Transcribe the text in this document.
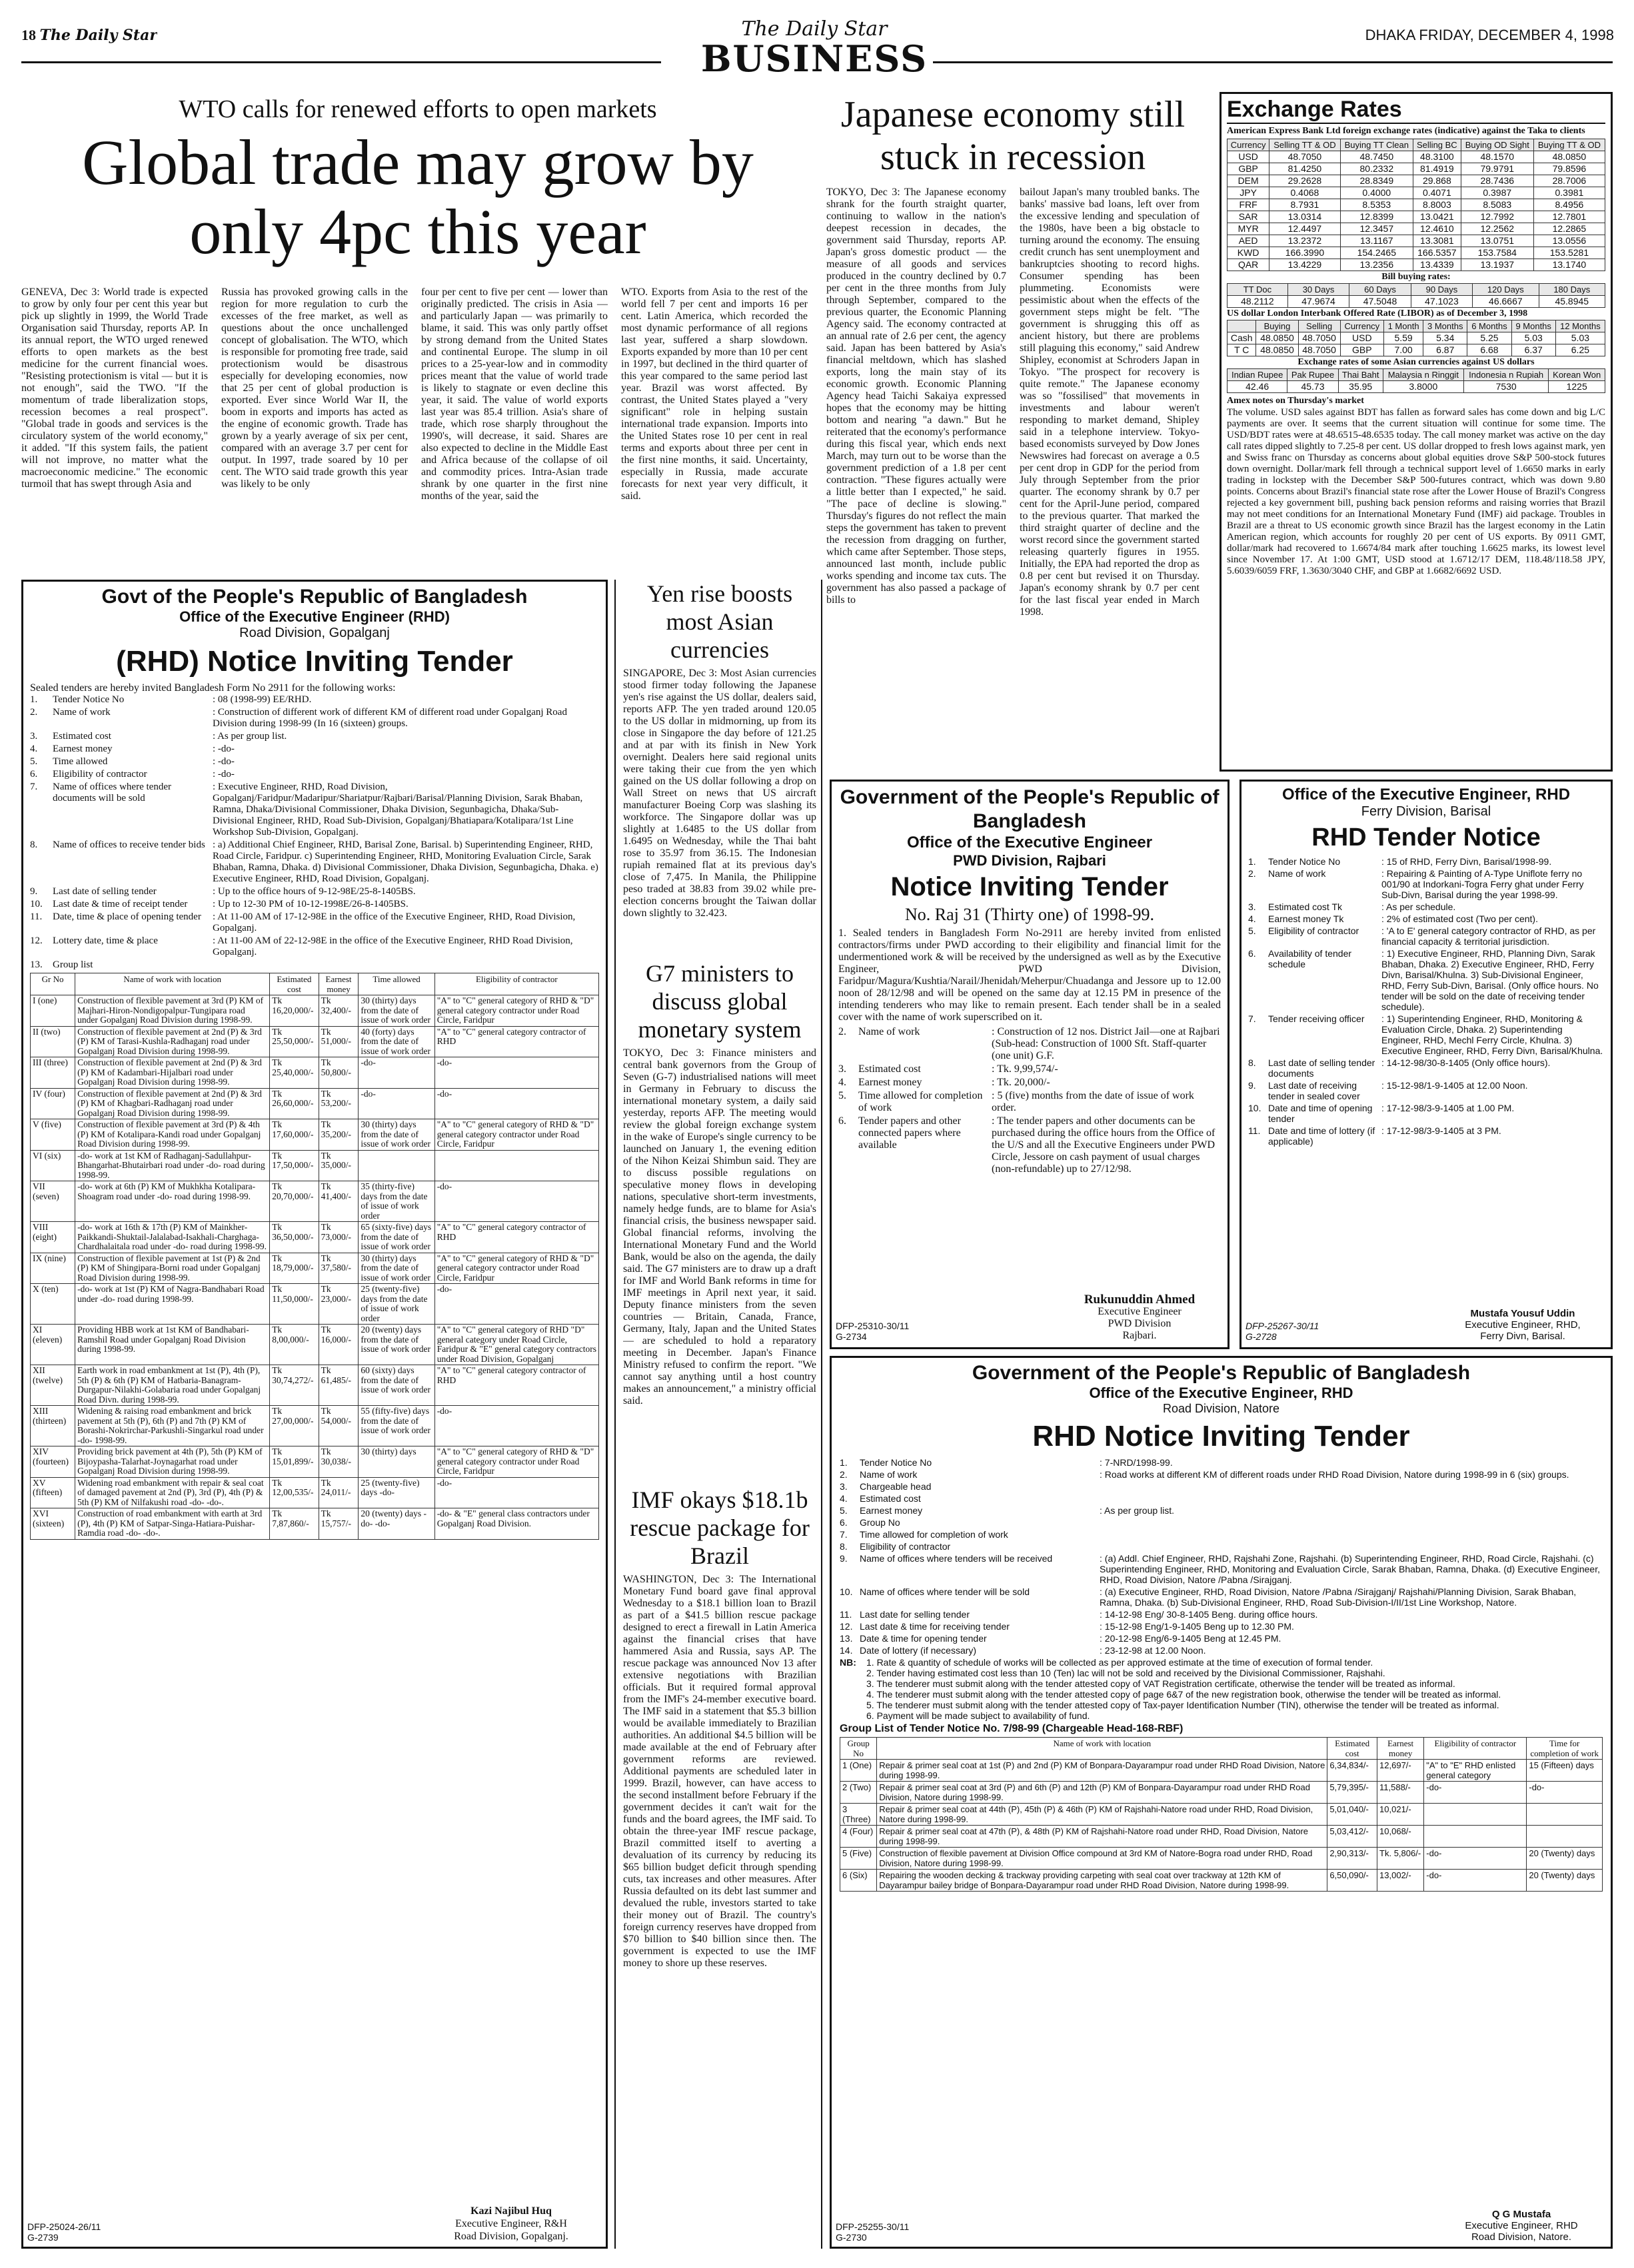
18 The Daily Star	The Daily Star
BUSINESS
DHAKA FRIDAY, DECEMBER 4, 1998
WTO calls for renewed efforts to open markets
Global trade may grow by only 4pc this year
GENEVA, Dec 3: World trade is expected to grow by only four per cent this year but pick up slightly in 1999, the World Trade Organisation said Thursday, reports AP. In its annual report, the WTO urged renewed efforts to open markets as the best medicine for the current financial woes. "Resisting protectionism is vital — but it is not enough", said the TWO. "If the momentum of trade liberalization stops, recession becomes a real prospect". "Global trade in goods and services is the circulatory system of the world economy," it added. "If this system fails, the patient will not improve, no matter what the macroeconomic medicine." The economic turmoil that has swept through Asia and
Russia has provoked growing calls in the region for more regulation to curb the excesses of the free market, as well as questions about the once unchallenged concept of globalisation. The WTO, which is responsible for promoting free trade, said protectionism would be disastrous especially for developing economies, now that 25 per cent of global production is exported. Ever since World War II, the boom in exports and imports has acted as the engine of economic growth. Trade has grown by a yearly average of six per cent, compared with an average 3.7 per cent for output. In 1997, trade soared by 10 per cent. The WTO said trade growth this year was likely to be only
four per cent to five per cent — lower than originally predicted. The crisis in Asia — and particularly Japan — was primarily to blame, it said. This was only partly offset by strong demand from the United States and continental Europe. The slump in oil prices to a 25-year-low and in commodity prices meant that the value of world trade is likely to stagnate or even decline this year, it said. The value of world exports last year was 85.4 trillion. Asia's share of trade, which rose sharply throughout the 1990's, will decrease, it said. Shares are also expected to decline in the Middle East and Africa because of the collapse of oil and commodity prices. Intra-Asian trade shrank by one quarter in the first nine months of the year, said the
WTO. Exports from Asia to the rest of the world fell 7 per cent and imports 16 per cent. Latin America, which recorded the most dynamic performance of all regions last year, suffered a sharp slowdown. Exports expanded by more than 10 per cent in 1997, but declined in the third quarter of this year compared to the same period last year. Brazil was worst affected. By contrast, the United States played a "very significant" role in helping sustain international trade expansion. Imports into the United States rose 10 per cent in real terms and exports about three per cent in the first nine months, it said. Uncertainty, especially in Russia, made accurate forecasts for next year very difficult, it said.
Japanese economy still stuck in recession
TOKYO, Dec 3: The Japanese economy shrank for the fourth straight quarter, continuing to wallow in the nation's deepest recession in decades, the government said Thursday, reports AP. Japan's gross domestic product — the measure of all goods and services produced in the country declined by 0.7 per cent in the three months from July through September, compared to the previous quarter, the Economic Planning Agency said. The economy contracted at an annual rate of 2.6 per cent, the agency said. Japan has been battered by Asia's financial meltdown, which has slashed exports, long the main stay of its economic growth. Economic Planning Agency head Taichi Sakaiya expressed hopes that the economy may be hitting bottom and nearing "a dawn." But he reiterated that the economy's performance during this fiscal year, which ends next March, may turn out to be worse than the government prediction of a 1.8 per cent contraction. "These figures actually were a little better than I expected," he said. "The pace of decline is slowing." Thursday's figures do not reflect the main steps the government has taken to prevent the recession from dragging on further, which came after September. Those steps, announced last month, include public works spending and income tax cuts. The government has also passed a package of bills to
bailout Japan's many troubled banks. The banks' massive bad loans, left over from the excessive lending and speculation of the 1980s, have been a big obstacle to turning around the economy. The ensuing credit crunch has sent unemployment and bankruptcies shooting to record highs. Consumer spending has been plummeting. Economists were pessimistic about when the effects of the government steps might be felt. "The government is shrugging this off as ancient history, but there are problems still plaguing this economy," said Andrew Shipley, economist at Schroders Japan in Tokyo. "The prospect for recovery is quite remote." The Japanese economy was so "fossilised" that movements in investments and labour weren't responding to market demand, Shipley said in a telephone interview. Tokyo-based economists surveyed by Dow Jones Newswires had forecast on average a 0.5 per cent drop in GDP for the period from July through September from the prior quarter. The economy shrank by 0.7 per cent for the April-June period, compared to the previous quarter. That marked the third straight quarter of decline and the worst record since the government started releasing quarterly figures in 1955. Initially, the EPA had reported the drop as 0.8 per cent but revised it on Thursday. Japan's economy shrank by 0.7 per cent for the last fiscal year ended in March 1998.
Exchange Rates
American Express Bank Ltd foreign exchange rates (indicative) against the Taka to clients
Currency	Selling TT & OD	Buying TT Clean	Selling BC	Buying OD Sight	Buying TT & OD
USD	48.7050	48.7450	48.3100	48.1570	48.0850
GBP	81.4250	80.2332	81.4919	79.9791	79.8596
DEM	29.2628	28.8349	29.868	28.7436	28.7006
JPY	0.4068	0.4000	0.4071	0.3987	0.3981
FRF	8.7931	8.5353	8.8003	8.5083	8.4956
SAR	13.0314	12.8399	13.0421	12.7992	12.7801
MYR	12.4497	12.3457	12.4610	12.2562	12.2865
AED	13.2372	13.1167	13.3081	13.0751	13.0556
KWD	166.3990	154.2465	166.5357	153.7584	153.5281
QAR	13.4229	13.2356	13.4339	13.1937	13.1740
Bill buying rates:
TT Doc	30 Days	60 Days	90 Days	120 Days	180 Days
48.2112	47.9674	47.5048	47.1023	46.6667	45.8945
US dollar London Interbank Offered Rate (LIBOR) as of December 3, 1998
	Buying	Selling	Currency	1 Month	3 Months	6 Months	9 Months	12 Months
Cash	48.0850	48.7050	USD	5.59	5.34	5.25	5.03	5.03
T C	48.0850	48.7050	GBP	7.00	6.87	6.68	6.37	6.25
Exchange rates of some Asian currencies against US dollars
Indian Rupee	Pak Rupee	Thai Baht	Malaysia n Ringgit	Indonesia n Rupiah	Korean Won
42.46	45.73	35.95	3.8000	7530	1225
Amex notes on Thursday's market
The volume. USD sales against BDT has fallen as forward sales has come down and big L/C payments are over. It seems that the current situation will continue for some time. The USD/BDT rates were at 48.6515-48.6535 today. The call money market was active on the day call rates dipped slightly to 7.25-8 per cent. US dollar dropped to fresh lows against mark, yen and Swiss franc on Thursday as concerns about global equities drove S&P 500-stock futures down overnight. Dollar/mark fell through a technical support level of 1.6650 marks in early trading in lockstep with the December S&P 500-futures contract, which was down 9.80 points. Concerns about Brazil's financial state rose after the Lower House of Brazil's Congress rejected a key government bill, pushing back pension reforms and raising worries that Brazil may not meet conditions for an International Monetary Fund (IMF) aid package. Troubles in Brazil are a threat to US economic growth since Brazil has the largest economy in the Latin American region, which accounts for roughly 20 per cent of US exports. By 0911 GMT, dollar/mark had recovered to 1.6674/84 mark after touching 1.6625 marks, its lowest level since November 17. At 1:00 GMT, USD stood at 1.6712/17 DEM, 118.48/118.58 JPY, 5.6039/6059 FRF, 1.3630/3040 CHF, and GBP at 1.6682/6692 USD.
Govt of the People's Republic of Bangladesh
Office of the Executive Engineer (RHD)
Road Division, Gopalganj
(RHD) Notice Inviting Tender
Sealed tenders are hereby invited Bangladesh Form No 2911 for the following works:
1.	Tender Notice No	: 08 (1998-99) EE/RHD.
2.	Name of work	: Construction of different work of different KM of different road under Gopalganj Road Division during 1998-99 (In 16 (sixteen) groups.
3.	Estimated cost	: As per group list.
4.	Earnest money	: -do-
5.	Time allowed	: -do-
6.	Eligibility of contractor	: -do-
7.	Name of offices where tender documents will be sold
: Executive Engineer, RHD, Road Division, Gopalganj/Faridpur/Madaripur/Shariatpur/Rajbari/Barisal/Planning Division, Sarak Bhaban, Ramna, Dhaka/Divisional Commissioner, Dhaka Division, Segunbagicha, Dhaka/Sub-Divisional Engineer, RHD, Road Sub-Division, Gopalganj/Bhatiapara/Kotalipara/1st Line Workshop Sub-Division, Gopalganj.
8.	Name of offices to receive tender bids : a) Additional Chief Engineer, RHD, Barisal Zone, Barisal. b) Superintending Engineer, RHD, Road Circle, Faridpur. c) Superintending Engineer, RHD, Monitoring Evaluation Circle, Sarak Bhaban, Ramna, Dhaka. d) Divisional Commissioner, Dhaka Division, Segunbagicha, Dhaka. e) Executive Engineer, RHD, Road Division, Gopalganj.
9.	Last date of selling tender	: Up to the office hours of 9-12-98E/25-8-1405BS.
10.	Last date & time of receipt tender	: Up to 12-30 PM of 10-12-1998E/26-8-1405BS.
11.	Date, time & place of opening tender	: At 11-00 AM of 17-12-98E in the office of the Executive Engineer, RHD, Road Division, Gopalganj.
12.	Lottery date, time & place	: At 11-00 AM of 22-12-98E in the office of the Executive Engineer, RHD Road Division, Gopalganj.
13.	Group list
Gr No	Name of work with location	Estimated cost	Earnest money	Time allowed	Eligibility of contractor
I (one)	Construction of flexible pavement at 3rd (P) KM of Majhari-Hiron-Nondigopalpur-Tungipara road under Gopalganj Road Division during 1998-99.	Tk 16,20,000/-	Tk 32,400/-	30 (thirty) days from the date of issue of work order	"A" to "C" general category of RHD & "D" general category contractor under Road Circle, Faridpur
II (two)	Construction of flexible pavement at 2nd (P) & 3rd (P) KM of Tarasi-Kushla-Radhaganj road under Gopalganj Road Division during 1998-99.	Tk 25,50,000/-	Tk 51,000/-	40 (forty) days from the date of issue of work order	"A" to "C" general category contractor of RHD
III (three)	Construction of flexible pavement at 2nd (P) & 3rd (P) KM of Kadambari-Hijalbari road under Gopalganj Road Division during 1998-99.	Tk 25,40,000/-	Tk 50,800/-	-do-	-do-
IV (four)	Construction of flexible pavement at 2nd (P) & 3rd (P) KM of Khagbari-Radhaganj road under Gopalganj Road Division during 1998-99.	Tk 26,60,000/-	Tk 53,200/-	-do-	-do-
V (five)	Construction of flexible pavement at 3rd (P) & 4th (P) KM of Kotalipara-Kandi road under Gopalganj Road Division during 1998-99.	Tk 17,60,000/-	Tk 35,200/-	30 (thirty) days from the date of issue of work order	"A" to "C" general category of RHD & "D" general category contractor under Road Circle, Faridpur
VI (six)	-do- work at 1st KM of Radhaganj-Sadullahpur-Bhangarhat-Bhutairbari road under -do- road during 1998-99.	Tk 17,50,000/-	Tk 35,000/-		
VII (seven)	-do- work at 6th (P) KM of Mukhkha Kotalipara-Shoagram road under -do- road during 1998-99.	Tk 20,70,000/-	Tk 41,400/-	35 (thirty-five) days from the date of issue of work order	-do-
VIII (eight)	-do- work at 16th & 17th (P) KM of Mainkher-Paikkandi-Shuktail-Jalalabad-Isakhali-Charghaga-Chardhalaitala road under -do- road during 1998-99.	Tk 36,50,000/-	Tk 73,000/-	65 (sixty-five) days from the date of issue of work order	"A" to "C" general category contractor of RHD
IX (nine)	Construction of flexible pavement at 1st (P) & 2nd (P) KM of Shingipara-Borni road under Gopalganj Road Division during 1998-99.	Tk 18,79,000/-	Tk 37,580/-	30 (thirty) days from the date of issue of work order	"A" to "C" general category of RHD & "D" general category contractor under Road Circle, Faridpur
X (ten)	-do- work at 1st (P) KM of Nagra-Bandhabari Road under -do- road during 1998-99.	Tk 11,50,000/-	Tk 23,000/-	25 (twenty-five) days from the date of issue of work order	-do-
XI (eleven)	Providing HBB work at 1st KM of Bandhabari-Ramshil Road under Gopalganj Road Division during 1998-99.	Tk 8,00,000/-	Tk 16,000/-	20 (twenty) days from the date of issue of work order	"A" to "C" general category of RHD "D" general category under Road Circle, Faridpur & "E" general category contractors under Road Division, Gopalganj
XII (twelve)	Earth work in road embankment at 1st (P), 4th (P), 5th (P) & 6th (P) KM of Hatbaria-Banagram-Durgapur-Nilakhi-Golabaria road under Gopalganj Road Divn. during 1998-99.	Tk 30,74,272/-	Tk 61,485/-	60 (sixty) days from the date of issue of work order	"A" to "C" general category contractor of RHD
XIII (thirteen)	Widening & raising road embankment and brick pavement at 5th (P), 6th (P) and 7th (P) KM of Borashi-Nokrirchar-Parkushli-Singarkul road under -do- 1998-99.	Tk 27,00,000/-	Tk 54,000/-	55 (fifty-five) days from the date of issue of work order	-do-
XIV (fourteen)	Providing brick pavement at 4th (P), 5th (P) KM of Bijoypasha-Talarhat-Joynagarhat road under Gopalganj Road Division during 1998-99.	Tk 15,01,899/-	Tk 30,038/-	30 (thirty) days	"A" to "C" general category of RHD & "D" general category contractor under Road Circle, Faridpur
XV (fifteen)	Widening road embankment with repair & seal coat of damaged pavement at 2nd (P), 3rd (P), 4th (P) & 5th (P) KM of Nilfakushi road -do- -do-.	Tk 12,00,535/-	Tk 24,011/-	25 (twenty-five) days -do-	-do-
XVI (sixteen)	Construction of road embankment with earth at 3rd (P), 4th (P) KM of Satpar-Singa-Hatiara-Puishar-Ramdia road -do- -do-.	Tk 7,87,860/-	Tk 15,757/-	20 (twenty) days -do- -do-	-do- & "E" general class contractors under Gopalganj Road Division.
Kazi Najibul Huq
Executive Engineer, R&H
Road Division, Gopalganj.
DFP-25024-26/11
G-2739
Yen rise boosts most Asian currencies
SINGAPORE, Dec 3: Most Asian currencies stood firmer today following the Japanese yen's rise against the US dollar, dealers said, reports AFP. The yen traded around 120.05 to the US dollar in midmorning, up from its close in Singapore the day before of 121.25 and at par with its finish in New York overnight. Dealers here said regional units were taking their cue from the yen which gained on the US dollar following a drop on Wall Street on news that US aircraft manufacturer Boeing Corp was slashing its workforce. The Singapore dollar was up slightly at 1.6485 to the US dollar from 1.6495 on Wednesday, while the Thai baht rose to 35.97 from 36.15. The Indonesian rupiah remained flat at its previous day's close of 7,475. In Manila, the Philippine peso traded at 38.83 from 39.02 while pre-election concerns brought the Taiwan dollar down slightly to 32.423.
G7 ministers to discuss global monetary system
TOKYO, Dec 3: Finance ministers and central bank governors from the Group of Seven (G-7) industrialised nations will meet in Germany in February to discuss the international monetary system, a daily said yesterday, reports AFP. The meeting would review the global foreign exchange system in the wake of Europe's single currency to be launched on January 1, the evening edition of the Nihon Keizai Shimbun said. They are to discuss possible regulations on speculative money flows in developing nations, speculative short-term investments, namely hedge funds, are to blame for Asia's financial crisis, the business newspaper said. Global financial reforms, involving the International Monetary Fund and the World Bank, would be also on the agenda, the daily said. The G7 ministers are to draw up a draft for IMF and World Bank reforms in time for IMF meetings in April next year, it said. Deputy finance ministers from the seven countries — Britain, Canada, France, Germany, Italy, Japan and the United States — are scheduled to hold a reparatory meeting in December. Japan's Finance Ministry refused to confirm the report. "We cannot say anything until a host country makes an announcement," a ministry official said.
IMF okays $18.1b rescue package for Brazil
WASHINGTON, Dec 3: The International Monetary Fund board gave final approval Wednesday to a $18.1 billion loan to Brazil as part of a $41.5 billion rescue package designed to erect a firewall in Latin America against the financial crises that have hammered Asia and Russia, says AP. The rescue package was announced Nov 13 after extensive negotiations with Brazilian officials. But it required formal approval from the IMF's 24-member executive board. The IMF said in a statement that $5.3 billion would be available immediately to Brazilian authorities. An additional $4.5 billion will be made available at the end of February after government reforms are reviewed. Additional payments are scheduled later in 1999. Brazil, however, can have access to the second installment before February if the government decides it can't wait for the funds and the board agrees, the IMF said. To obtain the three-year IMF rescue package, Brazil committed itself to averting a devaluation of its currency by reducing its $65 billion budget deficit through spending cuts, tax increases and other measures. After Russia defaulted on its debt last summer and devalued the ruble, investors started to take their money out of Brazil. The country's foreign currency reserves have dropped from $70 billion to $40 billion since then. The government is expected to use the IMF money to shore up these reserves.
Government of the People's Republic of Bangladesh
Office of the Executive Engineer
PWD Division, Rajbari
Notice Inviting Tender
No. Raj 31 (Thirty one) of 1998-99.
1. Sealed tenders in Bangladesh Form No-2911 are hereby invited from enlisted contractors/firms under PWD according to their eligibility and financial limit for the undermentioned work & will be received by the undersigned as well as by the Executive Engineer, PWD Division, Faridpur/Magura/Kushtia/Narail/Jhenidah/Meherpur/Chuadanga and Jessore up to 12.00 noon of 28/12/98 and will be opened on the same day at 12.15 PM in presence of the intending tenderers who may like to remain present. Each tender shall be in a sealed cover with the name of work superscribed on it.
2.	Name of work	: Construction of 12 nos. District Jail—one at Rajbari (Sub-head: Construction of 1000 Sft. Staff-quarter (one unit) G.F.
3.	Estimated cost	: Tk. 9,99,574/-
4.	Earnest money	: Tk. 20,000/-
5.	Time allowed for completion of work
: 5 (five) months from the date of issue of work order.
6.	Tender papers and other connected papers where available
: The tender papers and other documents can be purchased during the office hours from the Office of the U/S and all the Executive Engineers under PWD Circle, Jessore on cash payment of usual charges (non-refundable) up to 27/12/98.
Rukunuddin Ahmed
Executive Engineer
PWD Division
Rajbari.
DFP-25310-30/11
G-2734
Office of the Executive Engineer, RHD
Ferry Division, Barisal
RHD Tender Notice
1.	Tender Notice No	: 15 of RHD, Ferry Divn, Barisal/1998-99.
2.	Name of work	: Repairing & Painting of A-Type Uniflote ferry no 001/90 at Indorkani-Togra Ferry ghat under Ferry Sub-Divn, Barisal during the year 1998-99.
3.	Estimated cost Tk	: As per schedule.
4.	Earnest money Tk	: 2% of estimated cost (Two per cent).
5.	Eligibility of contractor	: 'A to E' general category contractor of RHD, as per financial capacity & territorial jurisdiction.
6.	Availability of tender schedule
: 1) Executive Engineer, RHD, Planning Divn, Sarak Bhaban, Dhaka. 2) Executive Engineer, RHD, Ferry Divn, Barisal/Khulna. 3) Sub-Divisional Engineer, RHD, Ferry Sub-Divn, Barisal. (Only office hours. No tender will be sold on the date of receiving tender schedule).
7.	Tender receiving officer	: 1) Superintending Engineer, RHD, Monitoring & Evaluation Circle, Dhaka. 2) Superintending Engineer, RHD, Mechl Ferry Circle, Khulna. 3) Executive Engineer, RHD, Ferry Divn, Barisal/Khulna.
8.	Last date of selling tender documents
: 14-12-98/30-8-1405 (Only office hours).
9.	Last date of receiving tender in sealed cover
: 15-12-98/1-9-1405 at 12.00 Noon.
10. Date and time of opening tender
: 17-12-98/3-9-1405 at 1.00 PM.
11. Date and time of lottery (if applicable)
: 17-12-98/3-9-1405 at 3 PM.
Mustafa Yousuf Uddin
Executive Engineer, RHD,
Ferry Divn, Barisal.
DFP-25267-30/11
G-2728
Government of the People's Republic of Bangladesh
Office of the Executive Engineer, RHD
Road Division, Natore
RHD Notice Inviting Tender
1.	Tender Notice No	: 7-NRD/1998-99.
2.	Name of work	: Road works at different KM of different roads under RHD Road Division, Natore during 1998-99 in 6 (six) groups.
3.	Chargeable head
4.	Estimated cost
5.	Earnest money	: As per group list.
6.	Group No
7.	Time allowed for completion of work
8.	Eligibility of contractor
9.	Name of offices where tenders will be received	: (a) Addl. Chief Engineer, RHD, Rajshahi Zone, Rajshahi. (b) Superintending Engineer, RHD, Road Circle, Rajshahi. (c) Superintending Engineer, RHD, Monitoring and Evaluation Circle, Sarak Bhaban, Ramna, Dhaka. (d) Executive Engineer, RHD, Road Division, Natore /Pabna /Sirajganj.
10. Name of offices where tender will be sold	: (a) Executive Engineer, RHD, Road Division, Natore /Pabna /Sirajganj/ Rajshahi/Planning Division, Sarak Bhaban, Ramna, Dhaka. (b) Sub-Divisional Engineer, RHD, Road Sub-Division-I/II/1st Line Workshop, Natore.
11. Last date for selling tender	: 14-12-98 Eng/ 30-8-1405 Beng. during office hours.
12. Last date & time for receiving tender	: 15-12-98 Eng/1-9-1405 Beng up to 12.30 PM.
13. Date & time for opening tender	: 20-12-98 Eng/6-9-1405 Beng at 12.45 PM.
14. Date of lottery (if necessary)	: 23-12-98 at 12.00 Noon.
NB:	1. Rate & quantity of schedule of works will be collected as per approved estimate at the time of execution of formal tender.
2. Tender having estimated cost less than 10 (Ten) lac will not be sold and received by the Divisional Commissioner, Rajshahi.
3. The tenderer must submit along with the tender attested copy of VAT Registration certificate, otherwise the tender will be treated as informal.
4. The tenderer must submit along with the tender attested copy of page 6&7 of the new registration book, otherwise the tender will be treated as informal.
5. The tenderer must submit along with the tender attested copy of Tax-payer Identification Number (TIN), otherwise the tender will be treated as informal.
6. Payment will be made subject to availability of fund.
Group List of Tender Notice No. 7/98-99 (Chargeable Head-168-RBF)
Group No	Name of work with location	Estimated cost	Earnest money	Eligibility of contractor	Time for completion of work
1 (One)	Repair & primer seal coat at 1st (P) and 2nd (P) KM of Bonpara-Dayarampur road under RHD Road Division, Natore during 1998-99.	6,34,834/-	12,697/-	"A" to "E" RHD enlisted general category	15 (Fifteen) days
2 (Two)	Repair & primer seal coat at 3rd (P) and 6th (P) and 12th (P) KM of Bonpara-Dayarampur road under RHD Road Division, Natore during 1998-99.	5,79,395/-	11,588/-	-do-	-do-
3 (Three)	Repair & primer seal coat at 44th (P), 45th (P) & 46th (P) KM of Rajshahi-Natore road under RHD, Road Division, Natore during 1998-99.	5,01,040/-	10,021/-		
4 (Four)	Repair & primer seal coat at 47th (P), & 48th (P) KM of Rajshahi-Natore road under RHD, Road Division, Natore during 1998-99.	5,03,412/-	10,068/-		
5 (Five)	Construction of flexible pavement at Division Office compound at 3rd KM of Natore-Bogra road under RHD, Road Division, Natore during 1998-99.	2,90,313/-	Tk. 5,806/-	-do-	20 (Twenty) days
6 (Six)	Repairing the wooden decking & trackway providing carpeting with seal coat over trackway at 12th KM of Dayarampur bailey bridge of Bonpara-Dayarampur road under RHD Road Division, Natore during 1998-99.	6,50,090/-	13,002/-	-do-	20 (Twenty) days
Q G Mustafa
Executive Engineer, RHD
Road Division, Natore.
DFP-25255-30/11
G-2730
